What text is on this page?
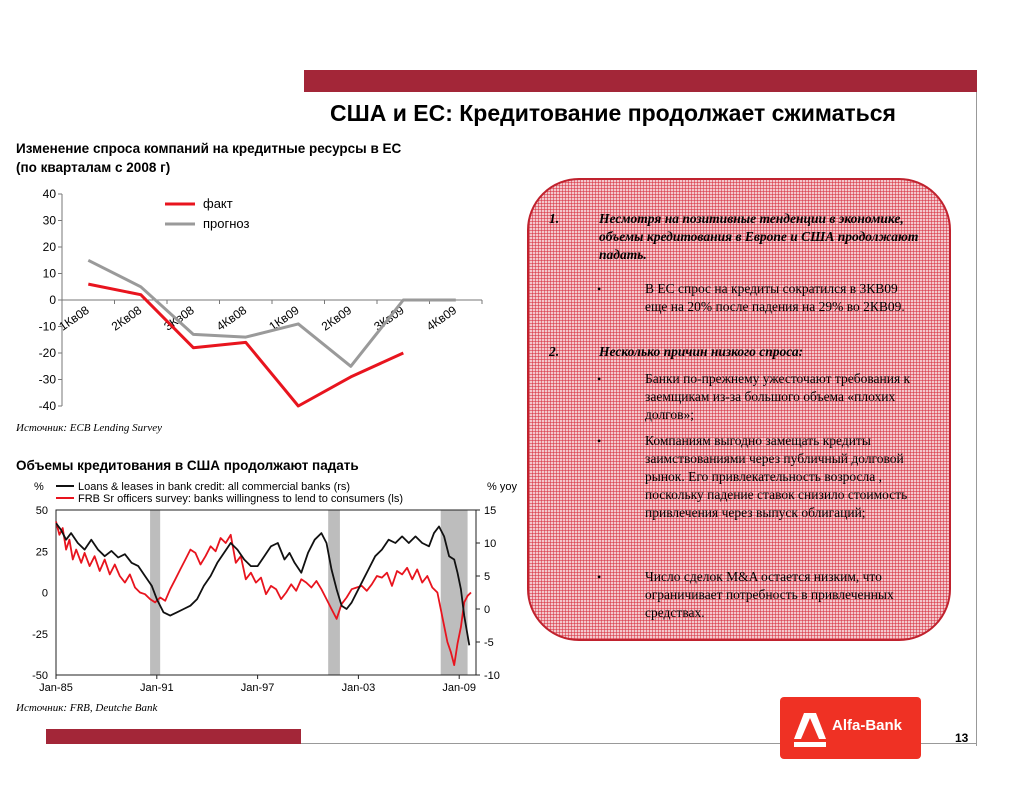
США и ЕС: Кредитование продолжает сжиматься
Изменение спроса компаний на кредитные ресурсы в ЕС
(по кварталам с 2008 г)
40
30
20
10
0
-10
-20
-30
-40
1Кв08 2Кв08 3Кв08 4Кв08 1Кв09 2Кв09 3Кв09 4Кв09
факт
прогноз
Источник: ECB Lending Survey
Объемы кредитования в США продолжают падать
50
25
0
-25
-50
15
10
5
0
-5
-10
Jan-85	Jan-91	Jan-97	Jan-03	Jan-09
%	% yoy
Loans & leases in bank credit: all commercial banks (rs)
FRB Sr officers survey: banks willingness to lend to consumers (ls)
Источник: FRB, Deutche Bank
1.	Несмотря на позитивные тенденции в экономике, объемы кредитования в Европе и США продолжают падать.
•	В ЕС спрос на кредиты сократился в 3КВ09 еще на 20% после падения на 29% во 2КВ09.
2.	Несколько причин низкого спроса:
•	Банки по-прежнему ужесточают требования к заемщикам из-за большого объема «плохих долгов»;
•	Компаниям выгодно замещать кредиты заимствованиями через публичный долговой рынок. Его привлекательность возросла , поскольку падение ставок снизило стоимость привлечения через выпуск облигаций;
•	Число сделок M&A остается низким, что ограничивает потребность в привлеченных средствах.
Alfa-Bank
13
